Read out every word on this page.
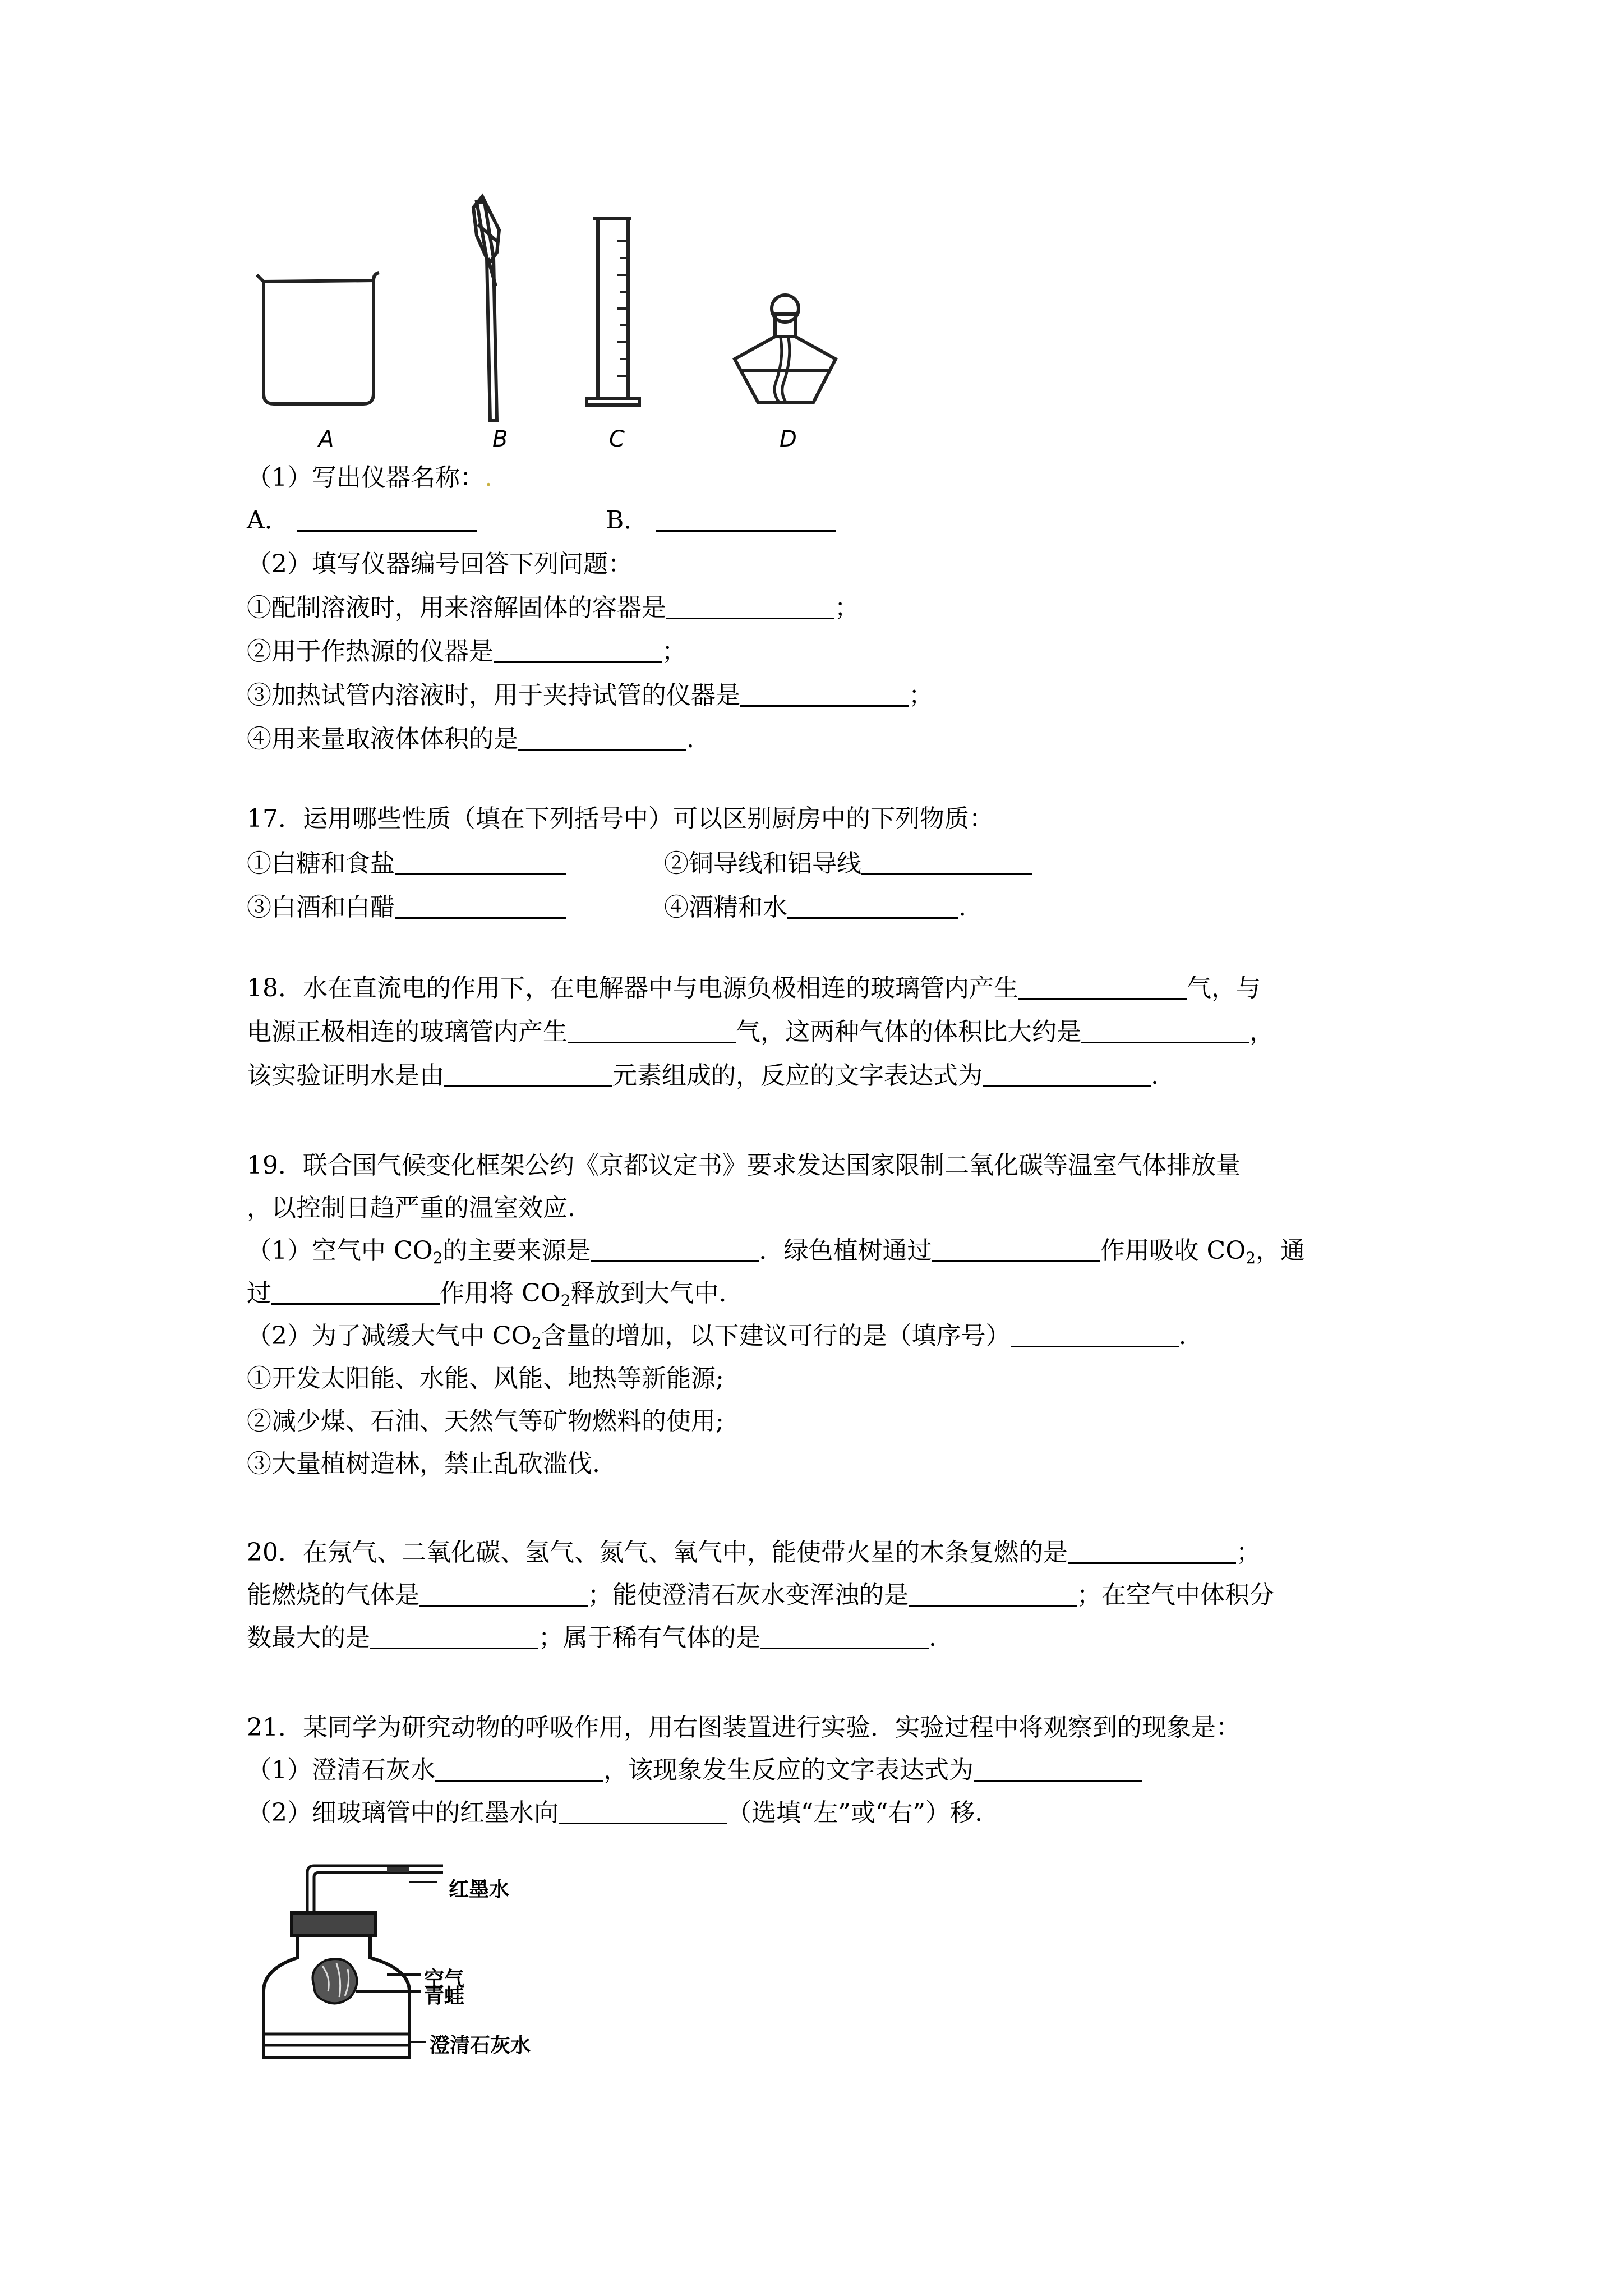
A	B	C	D
（1）写出仪器名称：.
A．	B．
（2）填写仪器编号回答下列问题：
①配制溶液时，用来溶解固体的容器是	；
②用于作热源的仪器是	；
③加热试管内溶液时，用于夹持试管的仪器是	；
④用来量取液体体积的是	.
17．运用哪些性质（填在下列括号中）可以区别厨房中的下列物质：
①白糖和食盐	②铜导线和铝导线
③白酒和白醋	④酒精和水	.
18．水在直流电的作用下，在电解器中与电源负极相连的玻璃管内产生	气，与
电源正极相连的玻璃管内产生	气，这两种气体的体积比大约是	，
该实验证明水是由	元素组成的，反应的文字表达式为	.
19．联合国气候变化框架公约《京都议定书》要求发达国家限制二氧化碳等温室气体排放量
，以控制日趋严重的温室效应.
（1）空气中 $CO_2$的主要来源是	．绿色植树通过	作用吸收 $CO_2$，通
过	作用将 $CO_2$释放到大气中.
（2）为了减缓大气中 $CO_2$含量的增加，以下建议可行的是（填序号）	.
①开发太阳能、水能、风能、地热等新能源;
②减少煤、石油、天然气等矿物燃料的使用;
③大量植树造林，禁止乱砍滥伐.
20．在氖气、二氧化碳、氢气、氮气、氧气中，能使带火星的木条复燃的是	；
能燃烧的气体是	；能使澄清石灰水变浑浊的是	；在空气中体积分
数最大的是	；属于稀有气体的是	.
21．某同学为研究动物的呼吸作用，用右图装置进行实验．实验过程中将观察到的现象是：
（1）澄清石灰水	，该现象发生反应的文字表达式为
（2）细玻璃管中的红墨水向	（选填“左”或“右”）移.
红墨水
空气
青蛙
澄清石灰水
